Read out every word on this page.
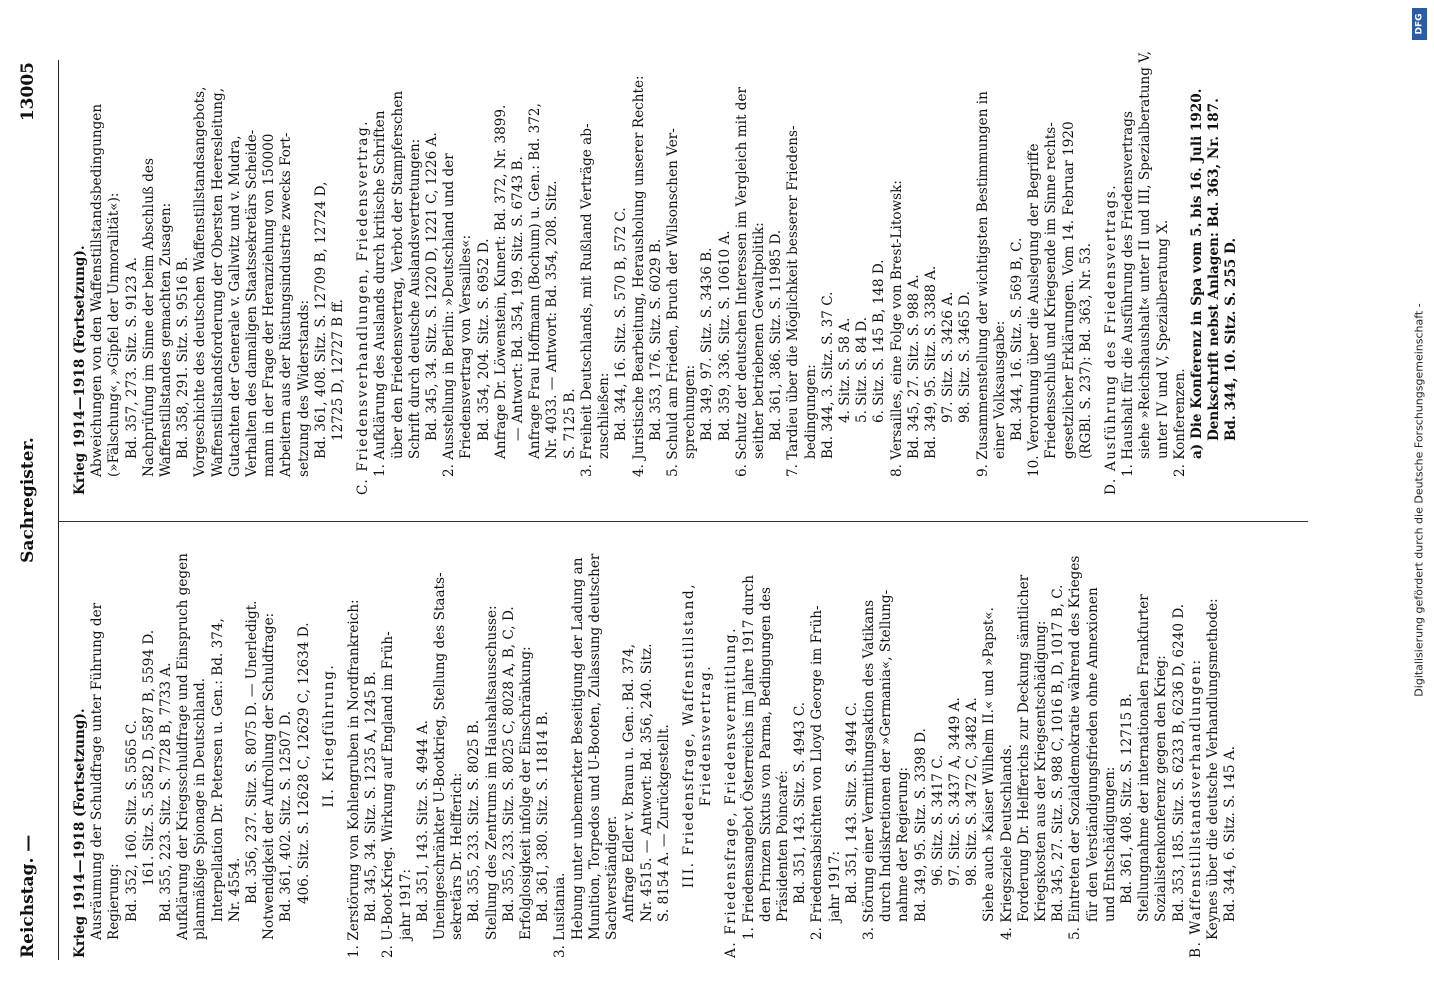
Reichstag. —
Sachregister.
13005
Krieg 1914—1918 (Fortsetzung). Ausräumung der Schuldfrage unter Führung der Regierung: Bd. 352, 160. Sitz. S. 5565 C. 161. Sitz. S. 5582 D, 5587 B, 5594 D. Bd. 355, 223. Sitz. S. 7728 B, 7733 A. Aufklärung der Kriegsschuldfrage und Einspruch gegen planmäßige Spionage in Deutschland. Interpellation Dr. Petersen u. Gen.: Bd. 374, Nr. 4554. Bd. 356, 237. Sitz. S. 8075 D. — Unerledigt. Notwendigkeit der Aufrollung der Schuldfrage: Bd. 361, 402. Sitz. S. 12507 D. 406. Sitz. S. 12628 C, 12629 C, 12634 D. II. Kriegführung. 1. Zerstörung von Kohlengruben in Nordfrankreich: Bd. 345, 34. Sitz. S. 1235 A, 1245 B. 2. U-Boot-Krieg. Wirkung auf England im Früh- jahr 1917: Bd. 351, 143. Sitz. S. 4944 A. Uneingeschränkter U-Bootkrieg, Stellung des Staats- sekretärs Dr. Helfferich: Bd. 355, 233. Sitz. S. 8025 B. Stellung des Zentrums im Haushaltsausschusse: Bd. 355, 233. Sitz. S. 8025 C, 8028 A, B, C, D. Erfolglosigkeit infolge der Einschränkung: Bd. 361, 380. Sitz. S. 11814 B. 3. Lusitania. Hebung unter unbemerkter Beseitigung der Ladung an Munition, Torpedos und U-Booten, Zulassung deutscher Sachverständiger. Anfrage Edler v. Braun u. Gen.: Bd. 374, Nr. 4515. — Antwort: Bd. 356, 240. Sitz. S. 8154 A. — Zurückgestellt. III. Friedensfrage, Waffenstillstand, Friedensvertrag. A. Friedensfrage, Friedensvermittlung. 1. Friedensangebot Österreichs im Jahre 1917 durch den Prinzen Sixtus von Parma, Bedingungen des Präsidenten Poincaré: Bd. 351, 143. Sitz. S. 4943 C. 2. Friedensabsichten von Lloyd George im Früh- jahr 1917: Bd. 351, 143. Sitz. S. 4944 C. 3. Störung einer Vermittlungsaktion des Vatikans durch Indiskretionen der »Germania«, Stellung- nahme der Regierung: Bd. 349, 95. Sitz. S. 3398 D. 96. Sitz. S. 3417 C. 97. Sitz. S. 3437 A, 3449 A. 98. Sitz. S. 3472 C, 3482 A. Siehe auch »Kaiser Wilhelm II.« und »Papst«. 4. Kriegsziele Deutschlands. Forderung Dr. Helfferichs zur Deckung sämtlicher Kriegskosten aus der Kriegsentschädigung: Bd. 345, 27. Sitz. S. 988 C, 1016 B, D, 1017 B, C. 5. Eintreten der Sozialdemokratie während des Krieges für den Verständigungsfrieden ohne Annexionen und Entschädigungen: Bd. 361, 408. Sitz. S. 12715 B. Stellungnahme der internationalen Frankfurter Sozialistenkonferenz gegen den Krieg: Bd. 353, 185. Sitz. S. 6233 B, 6236 D, 6240 D. B. Waffenstillstandsverhandlungen: Keynes über die deutsche Verhandlungsmethode: Bd. 344, 6. Sitz. S. 145 A.
Krieg 1914—1918 (Fortsetzung). Abweichungen von den Waffenstillstandsbedingungen (»Fälschung«, »Gipfel der Unmoralität«): Bd. 357, 273. Sitz. S. 9123 A. Nachprüfung im Sinne der beim Abschluß des Waffenstillstandes gemachten Zusagen: Bd. 358, 291. Sitz. S. 9516 B. Vorgeschichte des deutschen Waffenstillstandsangebots, Waffenstillstandsforderung der Obersten Heeresleitung, Gutachten der Generale v. Gallwitz und v. Mudra, Verhalten des damaligen Staatssekretärs Scheide- mann in der Frage der Heranziehung von 150000 Arbeitern aus der Rüstungsindustrie zwecks Fort- setzung des Widerstands: Bd. 361, 408. Sitz. S. 12709 B, 12724 D, 12725 D, 12727 B ff. C. Friedensverhandlungen, Friedensvertrag. 1. Aufklärung des Auslands durch kritische Schriften über den Friedensvertrag, Verbot der Stampferschen Schrift durch deutsche Auslandsvertretungen: Bd. 345, 34. Sitz. S. 1220 D, 1221 C, 1226 A. 2. Ausstellung in Berlin: »Deutschland und der Friedensvertrag von Versailles«: Bd. 354, 204. Sitz. S. 6952 D. Anfrage Dr. Löwenstein, Kunert: Bd. 372, Nr. 3899. — Antwort: Bd. 354, 199. Sitz. S. 6743 B. Anfrage Frau Hoffmann (Bochum) u. Gen.: Bd. 372, Nr. 4033. — Antwort: Bd. 354, 208. Sitz. S. 7125 B. 3. Freiheit Deutschlands, mit Rußland Verträge ab- zuschließen: Bd. 344, 16. Sitz. S. 570 B, 572 C. 4. Juristische Bearbeitung, Herausholung unserer Rechte: Bd. 353, 176. Sitz. S. 6029 B. 5. Schuld am Frieden, Bruch der Wilsonschen Ver- sprechungen: Bd. 349, 97. Sitz. S. 3436 B. Bd. 359, 336. Sitz. S. 10610 A. 6. Schutz der deutschen Interessen im Vergleich mit der seither betriebenen Gewaltpolitik: Bd. 361, 386. Sitz. S. 11985 D. 7. Tardieu über die Möglichkeit besserer Friedens- bedingungen: Bd. 344, 3. Sitz. S. 37 C. 4. Sitz. S. 58 A. 5. Sitz. S. 84 D. 6. Sitz. S. 145 B, 148 D. 8. Versailles, eine Folge von Brest-Litowsk: Bd. 345, 27. Sitz. S. 988 A. Bd. 349, 95. Sitz. S. 3388 A. 97. Sitz. S. 3426 A. 98. Sitz. S. 3465 D. 9. Zusammenstellung der wichtigsten Bestimmungen in einer Volksausgabe: Bd. 344, 16. Sitz. S. 569 B, C. 10. Verordnung über die Auslegung der Begriffe Friedensschluß und Kriegsende im Sinne rechts- gesetzlicher Erklärungen. Vom 14. Februar 1920 (RGBl. S. 237): Bd. 363, Nr. 53. D. Ausführung des Friedensvertrags. 1. Haushalt für die Ausführung des Friedensvertrags siehe »Reichshaushalt« unter II und III, Spezialberatung V, unter IV und V, Spezialberatung X. 2. Konferenzen. a) Die Konferenz in Spa vom 5. bis 16. Juli 1920. Denkschrift nebst Anlagen: Bd. 363, Nr. 187. Bd. 344, 10. Sitz. S. 255 D.
DFG
Digitalisierung gefördert durch die Deutsche Forschungsgemeinschaft -
